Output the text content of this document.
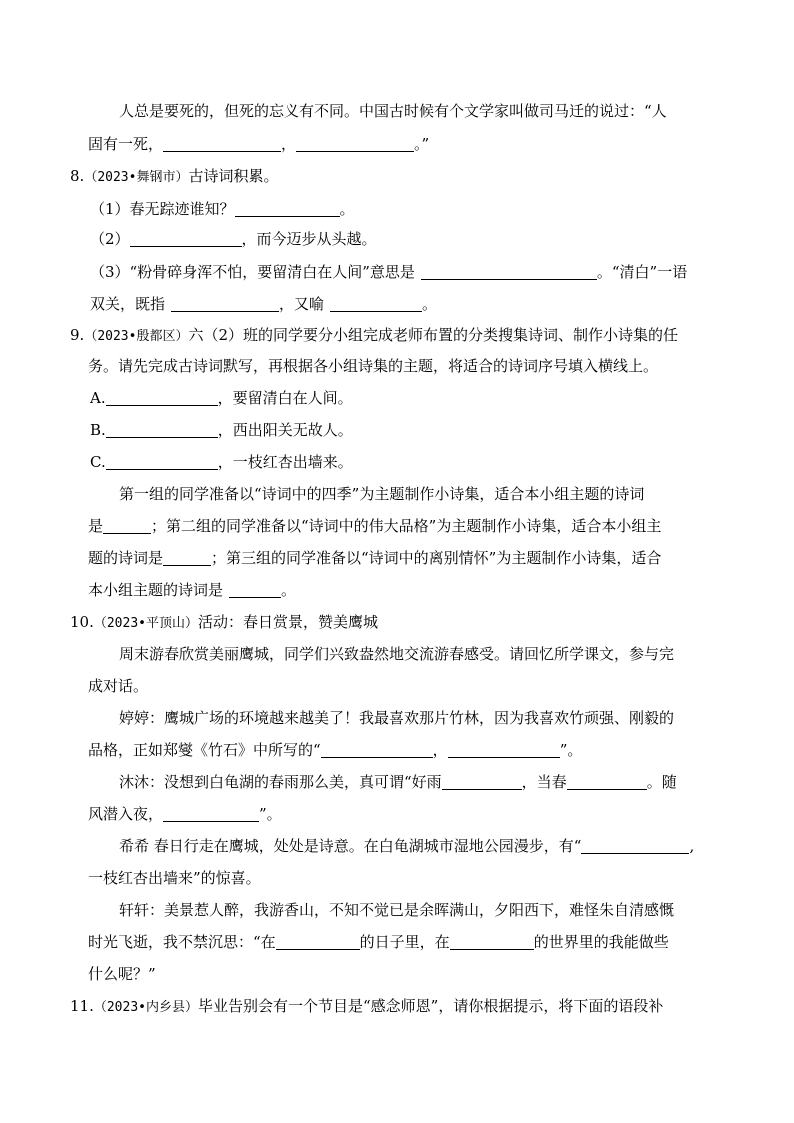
人总是要死的，但死的忘义有不同。中国古时候有个文学家叫做司马迁的说过：“人
固有一死，	，	。”
8.（2023•舞钢市）古诗词积累。
（1）春无踪迹谁知？	。
（2）	，而今迈步从头越。
（3）“粉骨碎身浑不怕，要留清白在人间”意思是	。“清白”一语
双关，既指	，又喻	。
9.（2023•殷都区）六（2）班的同学要分小组完成老师布置的分类搜集诗词、制作小诗集的任
务。请先完成古诗词默写，再根据各小组诗集的主题，将适合的诗词序号填入横线上。
A.	，要留清白在人间。
B.	，西出阳关无故人。
C.	，一枝红杏出墙来。
第一组的同学准备以“诗词中的四季”为主题制作小诗集，适合本小组主题的诗词
是	；第二组的同学准备以“诗词中的伟大品格”为主题制作小诗集，适合本小组主
题的诗词是	；第三组的同学准备以“诗词中的离别情怀”为主题制作小诗集，适合
本小组主题的诗词是	。
10.（2023•平顶山）活动：春日赏景，赞美鹰城
周末游春欣赏美丽鹰城，同学们兴致盎然地交流游春感受。请回忆所学课文，参与完
成对话。
婷婷：鹰城广场的环境越来越美了！我最喜欢那片竹林，因为我喜欢竹顽强、刚毅的
品格，正如郑燮《竹石》中所写的“	，	”。
沐沐：没想到白龟湖的春雨那么美，真可谓“好雨	，当春	。随
风潜入夜，	”。
希希 春日行走在鹰城，处处是诗意。在白龟湖城市湿地公园漫步，有“	,
一枝红杏出墙来”的惊喜。
轩轩：美景惹人醉，我游香山，不知不觉已是余晖满山，夕阳西下，难怪朱自清感慨
时光飞逝，我不禁沉思：“在	的日子里，在	的世界里的我能做些
什么呢？”
11.（2023•内乡县）毕业告别会有一个节目是“感念师恩”，请你根据提示，将下面的语段补
